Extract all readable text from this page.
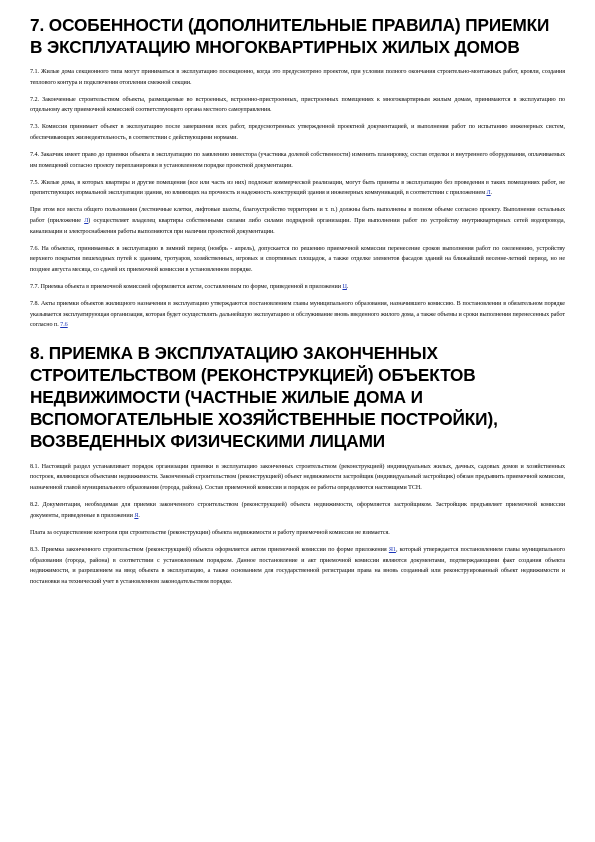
7. ОСОБЕННОСТИ (ДОПОЛНИТЕЛЬНЫЕ ПРАВИЛА) ПРИЕМКИ В ЭКСПЛУАТАЦИЮ МНОГОКВАРТИРНЫХ ЖИЛЫХ ДОМОВ

7.1. Жилые дома секционного типа могут приниматься в эксплуатацию посекционно, когда это предусмотрено проектом, при условии полного окончания строительно-монтажных работ, кровли, создания теплового контура и подключения отопления смежной секции.

7.2. Законченные строительством объекты, размещаемые во встроенных, встроенно-пристроенных, пристроенных помещениях к многоквартирным жилым домам, принимаются в эксплуатацию по отдельному акту приемочной комиссией соответствующего органа местного самоуправления.

7.3. Комиссия принимает объект в эксплуатацию после завершения всех работ, предусмотренных утвержденной проектной документацией, и выполнения работ по испытанию инженерных систем, обеспечивающих жизнедеятельность, в соответствии с действующими нормами.

7.4. Заказчик имеет право до приемки объекта в эксплуатацию по заявлению инвестора (участника долевой собственности) изменить планировку, состав отделки и внутреннего оборудования, оплачиваемых им помещений согласно проекту перепланировки в установленном порядке проектной документации.

7.5. Жилые дома, в которых квартиры и другие помещения (все или часть из них) подлежат коммерческой реализации, могут быть приняты в эксплуатацию без проведения в таких помещениях работ, не препятствующих нормальной эксплуатации здания, но влияющих на прочность и надежность конструкций здания и инженерных коммуникаций, в соответствии с приложением Л.

При этом все места общего пользования (лестничные клетки, лифтовые шахты, благоустройство территории и т. п.) должны быть выполнены в полном объеме согласно проекту. Выполнение остальных работ (приложение Л) осуществляет владелец квартиры собственными силами либо силами подрядной организации. При выполнении работ по устройству внутриквартирных сетей водопровода, канализации и электроснабжения работы выполняются при наличии проектной документации.

7.6. На объектах, принимаемых в эксплуатацию в зимний период (ноябрь - апрель), допускается по решению приемочной комиссии перенесение сроков выполнения работ по озеленению, устройству верхнего покрытия пешеходных путей к зданиям, тротуаров, хозяйственных, игровых и спортивных площадок, а также отделке элементов фасадов зданий на ближайший весенне-летний период, но не позднее августа месяца, со сдачей их приемочной комиссии в установленном порядке.

7.7. Приемка объекта в приемочной комиссией оформляется актом, составленным по форме, приведенной в приложении Ц.

7.8. Акты приемки объектов жилищного назначения в эксплуатацию утверждаются постановлением главы муниципального образования, назначившего комиссию. В постановлении в обязательном порядке указывается эксплуатирующая организация, которая будет осуществлять дальнейшую эксплуатацию и обслуживание вновь введенного жилого дома, а также объемы и сроки выполнения перенесенных работ согласно п. 7.6

8. ПРИЕМКА В ЭКСПЛУАТАЦИЮ ЗАКОНЧЕННЫХ СТРОИТЕЛЬСТВОМ (РЕКОНСТРУКЦИЕЙ) ОБЪЕКТОВ НЕДВИЖИМОСТИ (ЧАСТНЫЕ ЖИЛЫЕ ДОМА И ВСПОМОГАТЕЛЬНЫЕ ХОЗЯЙСТВЕННЫЕ ПОСТРОЙКИ), ВОЗВЕДЕННЫХ ФИЗИЧЕСКИМИ ЛИЦАМИ

8.1. Настоящий раздел устанавливает порядок организации приемки в эксплуатацию законченных строительством (реконструкцией) индивидуальных жилых, дачных, садовых домов и хозяйственных построек, являющихся объектами недвижимости. Законченный строительством (реконструкцией) объект недвижимости застройщик (индивидуальный застройщик) обязан предъявить приемочной комиссии, назначенной главой муниципального образования (города, района). Состав приемочной комиссии и порядок ее работы определяются настоящими ТСН.

8.2. Документация, необходимая для приемки законченного строительством (реконструкцией) объекта недвижимости, оформляется застройщиком. Застройщик предъявляет приемочной комиссии документы, приведенные в приложении Я.

Плата за осуществление контроля при строительстве (реконструкции) объекта недвижимости и работу приемочной комиссии не взимается.

8.3. Приемка законченного строительством (реконструкцией) объекта оформляется актом приемочной комиссии по форме приложения Я1, который утверждается постановлением главы муниципального образования (города, района) в соответствии с установленным порядком. Данное постановление и акт приемочной комиссии являются документами, подтверждающими факт создания объекта недвижимости, и разрешением на ввод объекта в эксплуатацию, а также основанием для государственной регистрации права на вновь созданный или реконструированный объект недвижимости и постановки на технический учет в установленном законодательством порядке.
